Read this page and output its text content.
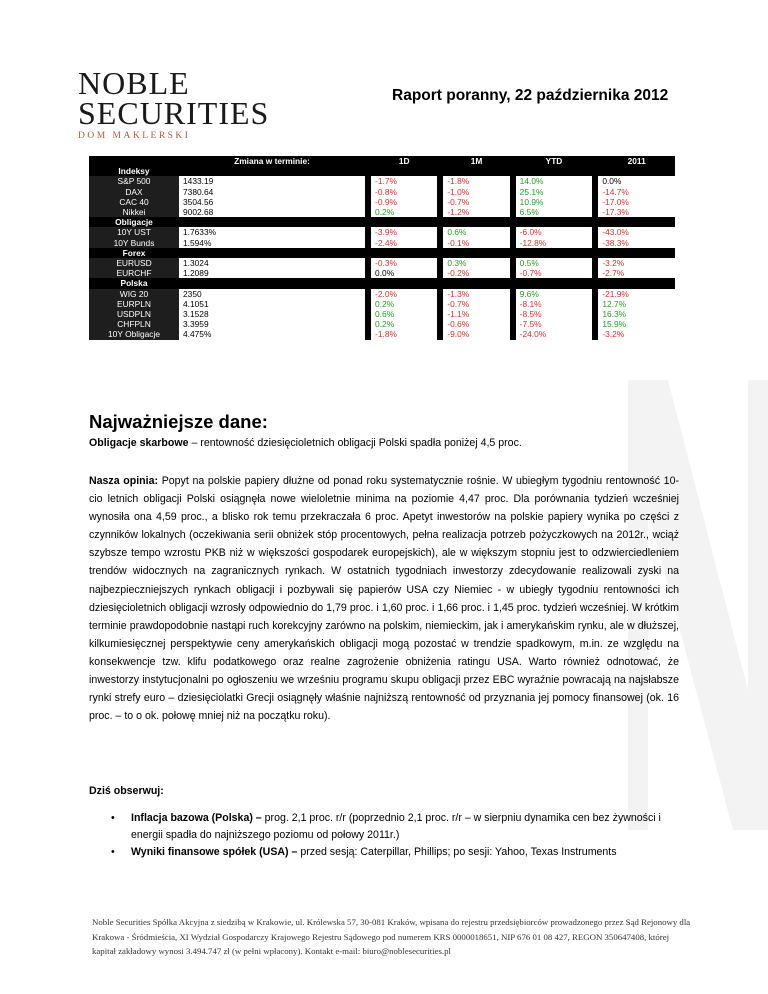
NOBLE
SECURITIES
DOM MAKLERSKI
Raport poranny, 22 października 2012
	Zmiana w terminie:		1D		1M		YTD		2011
Indeksy									
S&P 500	1433.19		-1.7%		-1.8%		14.0%		0.0%
DAX	7380.64		-0.8%		-1.0%		25.1%		-14.7%
CAC 40	3504.56		-0.9%		-0.7%		10.9%		-17.0%
Nikkei	9002.68		0.2%		-1.2%		6.5%		-17.3%
Obligacje									
10Y UST	1.7633%		-3.9%		0.6%		-6.0%		-43.0%
10Y Bunds	1.594%		-2.4%		-0.1%		-12.8%		-38.3%
Forex									
EURUSD	1.3024		-0.3%		0.3%		0.5%		-3.2%
EURCHF	1.2089		0.0%		-0.2%		-0.7%		-2.7%
Polska									
WIG 20	2350		-2.0%		-1.3%		9.6%		-21.9%
EURPLN	4.1051		0.2%		-0.7%		-8.1%		12.7%
USDPLN	3.1528		0.6%		-1.1%		-8.5%		16.3%
CHFPLN	3.3959		0.2%		-0.6%		-7.5%		15.9%
10Y Obligacje	4.475%		-1.8%		-9.0%		-24.0%		-3.2%
Najważniejsze dane:

Obligacje skarbowe – rentowność dziesięcioletnich obligacji Polski spadła poniżej 4,5 proc.

Nasza opinia: Popyt na polskie papiery dłużne od ponad roku systematycznie rośnie. W ubiegłym tygodniu rentowność 10-cio letnich obligacji Polski osiągnęła nowe wieloletnie minima na poziomie 4,47 proc. Dla porównania tydzień wcześniej wynosiła ona 4,59 proc., a blisko rok temu przekraczała 6 proc. Apetyt inwestorów na polskie papiery wynika po części z czynników lokalnych (oczekiwania serii obniżek stóp procentowych, pełna realizacja potrzeb pożyczkowych na 2012r., wciąż szybsze tempo wzrostu PKB niż w większości gospodarek europejskich), ale w większym stopniu jest to odzwierciedleniem trendów widocznych na zagranicznych rynkach. W ostatnich tygodniach inwestorzy zdecydowanie realizowali zyski na najbezpieczniejszych rynkach obligacji i pozbywali się papierów USA czy Niemiec - w ubiegły tygodniu rentowności ich dziesięcioletnich obligacji wzrosły odpowiednio do 1,79 proc. i 1,60 proc. i 1,66 proc. i 1,45 proc. tydzień wcześniej. W krótkim terminie prawdopodobnie nastąpi ruch korekcyjny zarówno na polskim, niemieckim, jak i amerykańskim rynku, ale w dłuższej, kilkumiesięcznej perspektywie ceny amerykańskich obligacji mogą pozostać w trendzie spadkowym, m.in. ze względu na konsekwencje tzw. klifu podatkowego oraz realne zagrożenie obniżenia ratingu USA. Warto również odnotować, że inwestorzy instytucjonalni po ogłoszeniu we wrześniu programu skupu obligacji przez EBC wyraźnie powracają na najsłabsze rynki strefy euro – dziesięciolatki Grecji osiągnęły właśnie najniższą rentowność od przyznania jej pomocy finansowej (ok. 16 proc. – to o ok. połowę mniej niż na początku roku).

Dziś obserwuj:
• Inflacja bazowa (Polska) – prog. 2,1 proc. r/r (poprzednio 2,1 proc. r/r – w sierpniu dynamika cen bez żywności i energii spadła do najniższego poziomu od połowy 2011r.)
• Wyniki finansowe spółek (USA) – przed sesją: Caterpillar, Phillips; po sesji: Yahoo, Texas Instruments
Noble Securities Spółka Akcyjna z siedzibą w Krakowie, ul. Królewska 57, 30-081 Kraków, wpisana do rejestru przedsiębiorców prowadzonego przez Sąd Rejonowy dla Krakowa - Śródmieścia, XI Wydział Gospodarczy Krajowego Rejestru Sądowego pod numerem KRS 0000018651, NIP 676 01 08 427, REGON 350647408, której kapitał zakładowy wynosi 3.494.747 zł (w pełni wpłacony). Kontakt e-mail: biuro@noblesecurities.pl
